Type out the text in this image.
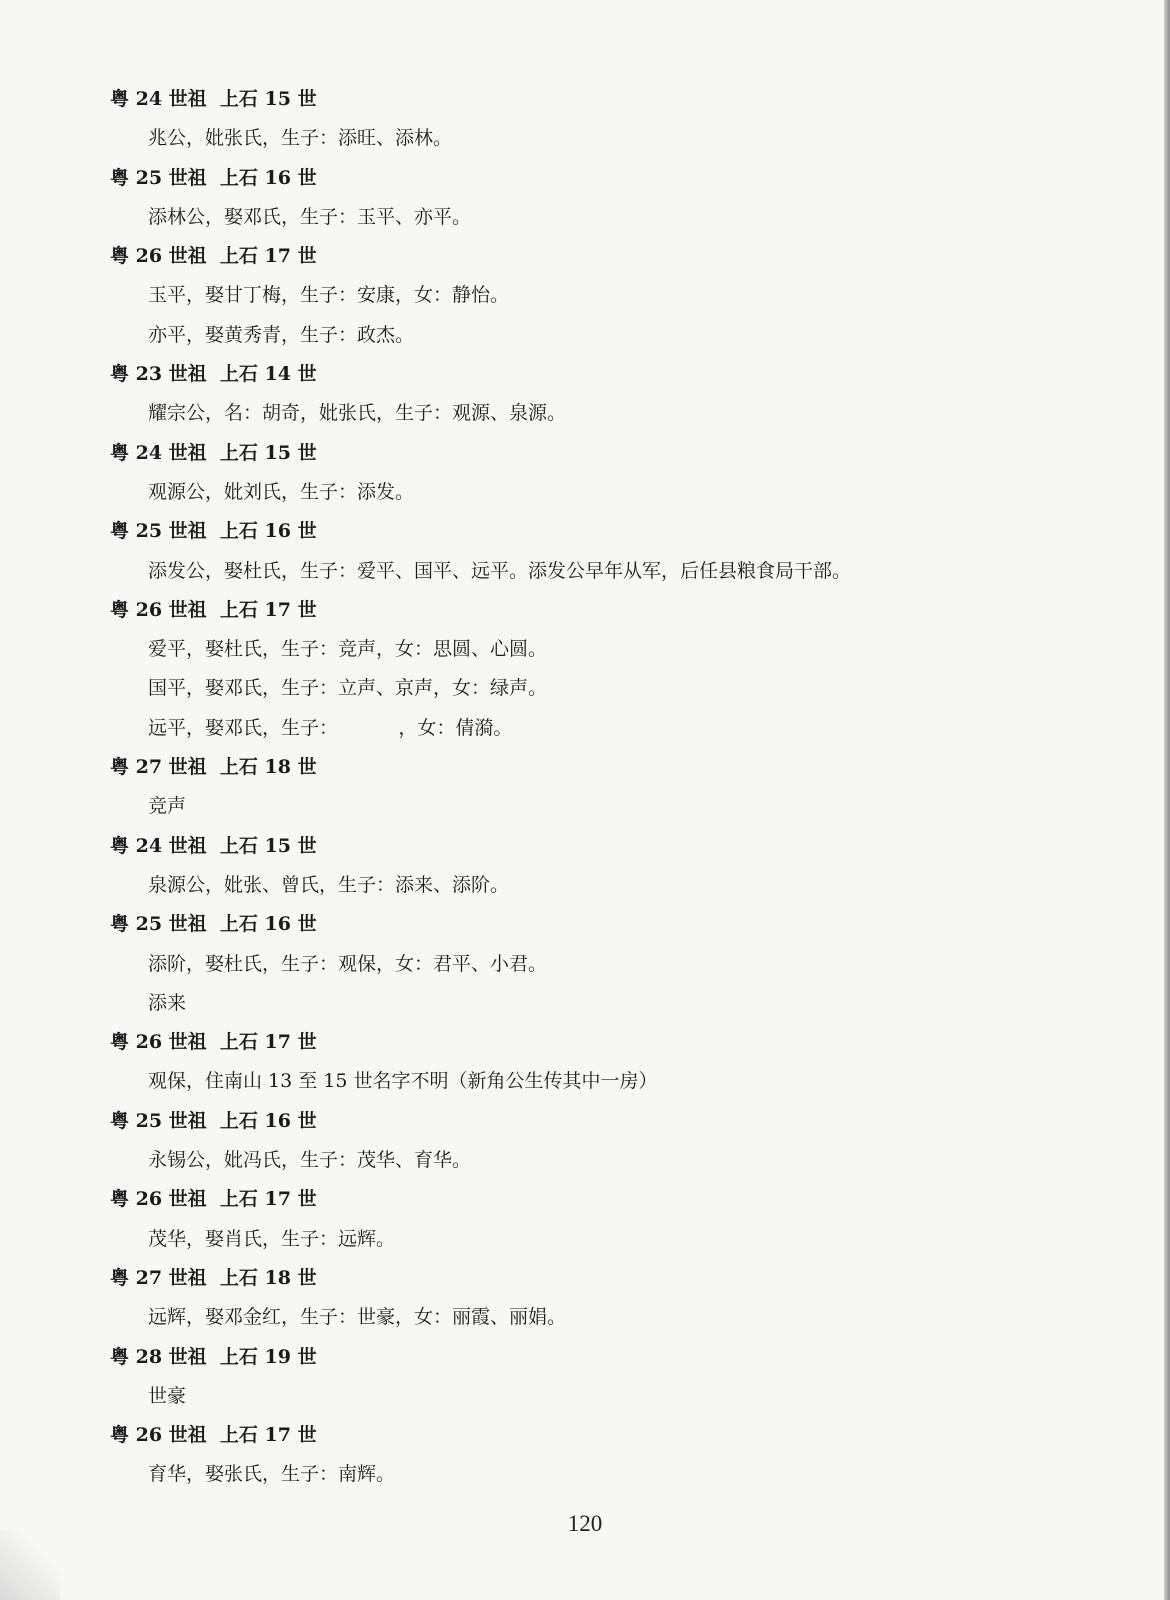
粤 24 世祖  上石 15 世
兆公，妣张氏，生子：添旺、添林。
粤 25 世祖  上石 16 世
添林公，娶邓氏，生子：玉平、亦平。
粤 26 世祖  上石 17 世
玉平，娶甘丁梅，生子：安康，女：静怡。
亦平，娶黄秀青，生子：政杰。
粤 23 世祖  上石 14 世
耀宗公，名：胡奇，妣张氏，生子：观源、泉源。
粤 24 世祖  上石 15 世
观源公，妣刘氏，生子：添发。
粤 25 世祖  上石 16 世
添发公，娶杜氏，生子：爱平、国平、远平。添发公早年从军，后任县粮食局干部。
粤 26 世祖  上石 17 世
爱平，娶杜氏，生子：竞声，女：思圆、心圆。
国平，娶邓氏，生子：立声、京声，女：绿声。
远平，娶邓氏，生子：          ，女：倩漪。
粤 27 世祖  上石 18 世
竞声
粤 24 世祖  上石 15 世
泉源公，妣张、曾氏，生子：添来、添阶。
粤 25 世祖  上石 16 世
添阶，娶杜氏，生子：观保，女：君平、小君。
添来
粤 26 世祖  上石 17 世
观保，住南山 13 至 15 世名字不明（新角公生传其中一房）
粤 25 世祖  上石 16 世
永锡公，妣冯氏，生子：茂华、育华。
粤 26 世祖  上石 17 世
茂华，娶肖氏，生子：远辉。
粤 27 世祖  上石 18 世
远辉，娶邓金红，生子：世豪，女：丽霞、丽娟。
粤 28 世祖  上石 19 世
世豪
粤 26 世祖  上石 17 世
育华，娶张氏，生子：南辉。
120
